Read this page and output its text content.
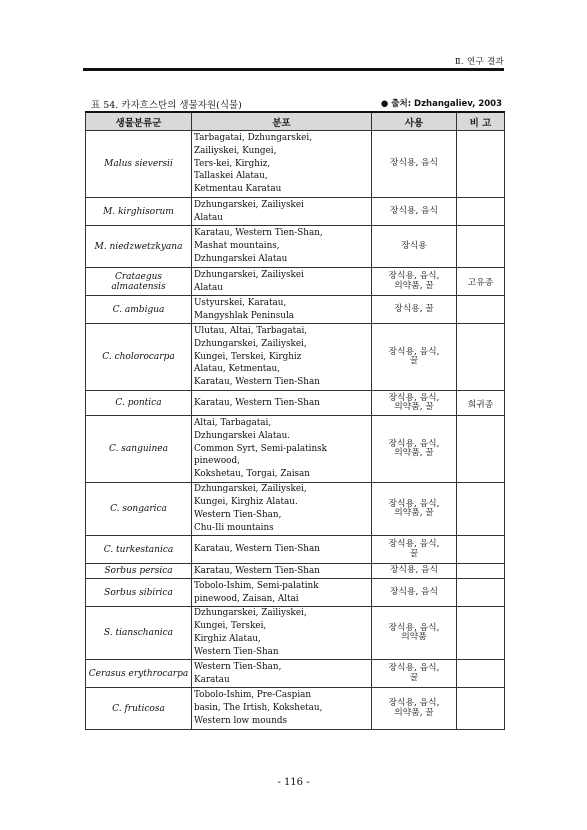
Ⅱ. 연구 결과
표 54. 카자흐스탄의 생물자원(식물)	● 출처: Dzhangaliev, 2003
생물분류군	분포	사용	비 고
Malus sieversii	Tarbagatai, Dzhungarskei,
Zailiyskei, Kungei,
Ters-kei, Kirghiz,
Tallaskei Alatau,
Ketmentau Karatau	장식용, 음식	

M. kirghisorum	Dzhungarskei, Zailiyskei
Alatau	장식용, 음식	

M. niedzwetzkyana	Karatau, Western Tien-Shan,
Mashat mountains,
Dzhungarskei Alatau	장식용	

Crataegus almaatensis	Dzhungarskei, Zailiyskei
Alatau	장식용, 음식, 의약품, 꿀	고유종
C. ambigua	Ustyurskei, Karatau,
Mangyshlak Peninsula	장식용, 꿀	

C. cholorocarpa	Ulutau, Altai, Tarbagatai,
Dzhungarskei, Zailiyskei,
Kungei, Terskei, Kirghiz
Alatau, Ketmentau,
Karatau, Western Tien-Shan	장식용, 음식, 꿀	

C. pontica	Karatau, Western Tien-Shan	장식용, 음식, 의약품, 꿀	희귀종
C. sanguinea	Altai, Tarbagatai,
Dzhungarskei Alatau.
Common Syrt, Semi-palatinsk
pinewood,
Kokshetau, Torgai, Zaisan	장식용, 음식, 의약품, 꿀	

C. songarica	Dzhungarskei, Zailiyskei,
Kungei, Kirghiz Alatau.
Western Tien-Shan,
Chu-Ili mountains	장식용, 음식, 의약품, 꿀	

C. turkestanica	Karatau, Western Tien-Shan	장식용, 음식, 꿀	

Sorbus persica	Karatau, Western Tien-Shan	장식용, 음식	

Sorbus sibirica	Tobolo-Ishim, Semi-palatink
pinewood, Zaisan, Altai	장식용, 음식	

S. tianschanica	Dzhungarskei, Zailiyskei,
Kungei, Terskei,
Kirghiz Alatau,
Western Tien-Shan	장식용, 음식, 의약품	

Cerasus erythrocarpa	Western Tien-Shan,
Karatau	장식용, 음식, 꿀	

C. fruticosa	Tobolo-Ishim, Pre-Caspian
basin, The Irtish, Kokshetau,
Western low mounds	장식용, 음식, 의약품, 꿀	

- 116 -
